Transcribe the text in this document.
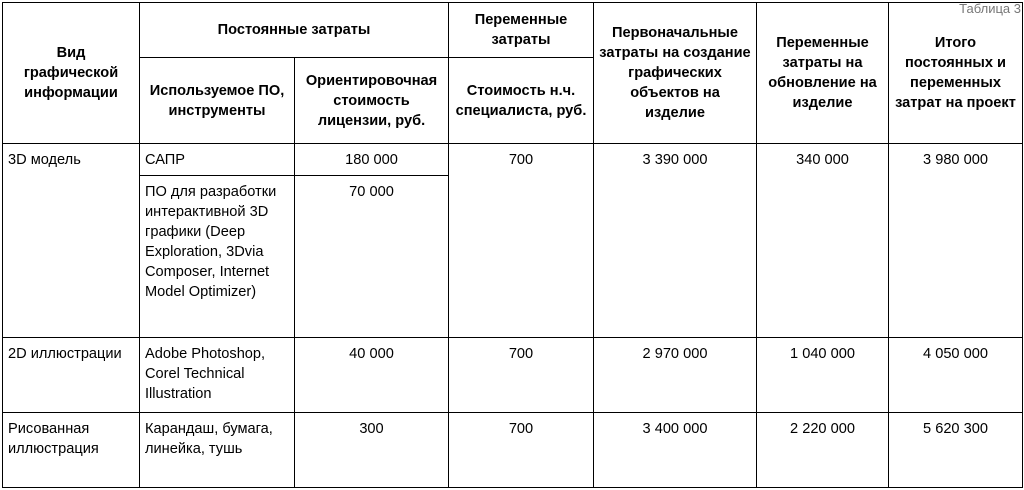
Таблица 3
Вид графической информации	Постоянные затраты		Переменные затраты	Первоначальные затраты на создание графических объектов на изделие	Переменные затраты на обновление на изделие	Итого постоянных и переменных затрат на проект
	Используемое ПО, инструменты	Ориентировочная стоимость лицензии, руб.	Стоимость н.ч. специалиста, руб.			
3D модель	САПР	180 000	700	3 390 000	340 000	3 980 000
	ПО для разработки интерактивной 3D графики (Deep Exploration, 3Dvia Composer, Internet Model Optimizer)	70 000				
2D иллюстрации	Adobe Photoshop, Corel Technical Illustration	40 000	700	2 970 000	1 040 000	4 050 000
Рисованная иллюстрация	Карандаш, бумага, линейка, тушь	300	700	3 400 000	2 220 000	5 620 300
